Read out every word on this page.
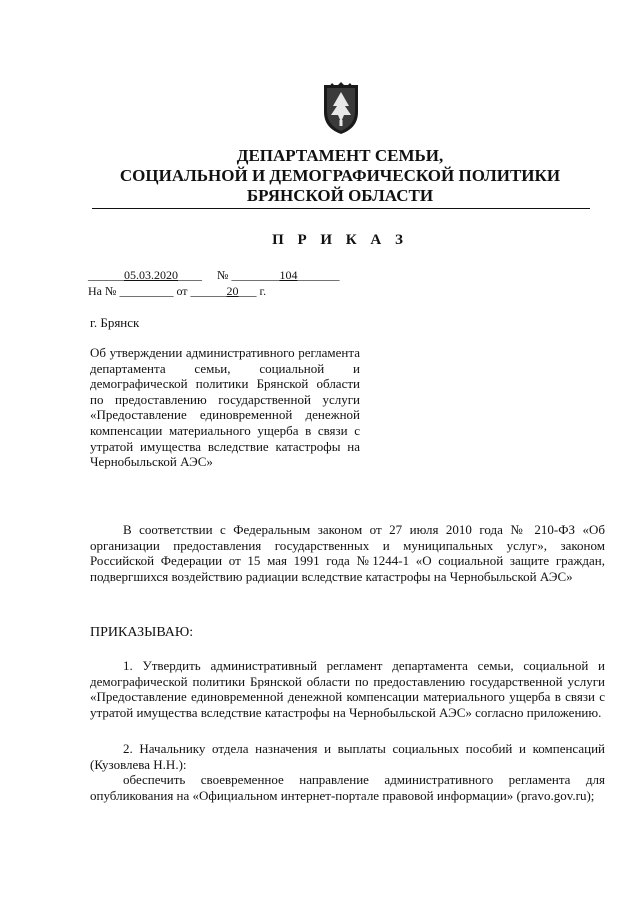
ДЕПАРТАМЕНТ СЕМЬИ,
СОЦИАЛЬНОЙ И ДЕМОГРАФИЧЕСКОЙ ПОЛИТИКИ
БРЯНСКОЙ ОБЛАСТИ
П Р И К А З
______05.03.2020____ № ________104_______
На № _________ от ______20___ г.
г. Брянск
Об утверждении административного регламента департамента семьи, социальной и демографической политики Брянской области по предоставлению государственной услуги «Предоставление единовременной денежной компенсации материального ущерба в связи с утратой имущества вследствие катастрофы на Чернобыльской АЭС»
В соответствии с Федеральным законом от 27 июля 2010 года № 210-ФЗ «Об организации предоставления государственных и муниципальных услуг», законом Российской Федерации от 15 мая 1991 года №1244-1 «О социальной защите граждан, подвергшихся воздействию радиации вследствие катастрофы на Чернобыльской АЭС»
ПРИКАЗЫВАЮ:
1. Утвердить административный регламент департамента семьи, социальной и демографической политики Брянской области по предоставлению государственной услуги «Предоставление единовременной денежной компенсации материального ущерба в связи с утратой имущества вследствие катастрофы на Чернобыльской АЭС» согласно приложению.
2. Начальнику отдела назначения и выплаты социальных пособий и компенсаций (Кузовлева Н.Н.):
обеспечить своевременное направление административного регламента для опубликования на «Официальном интернет-портале правовой информации» (pravo.gov.ru);
